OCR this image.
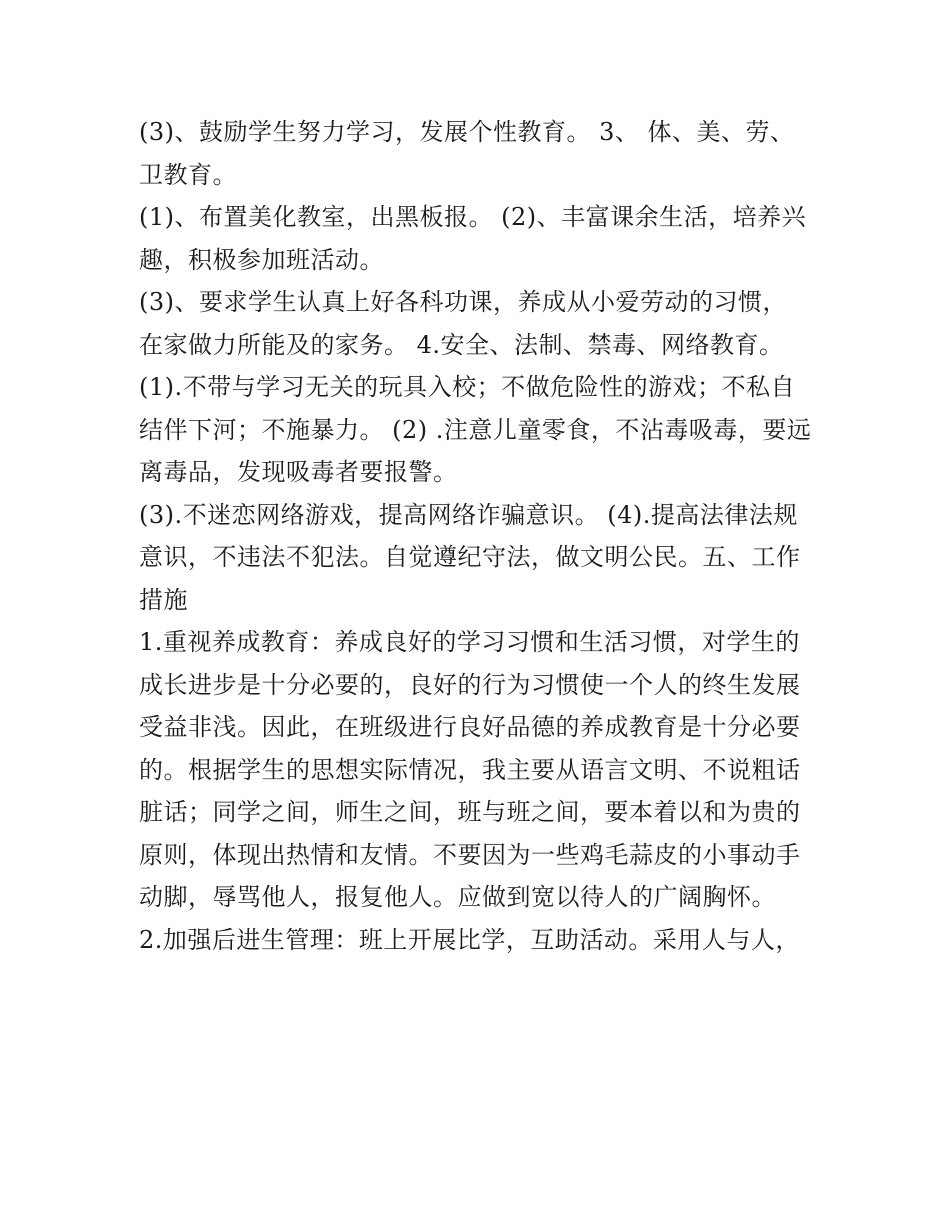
(3)、鼓励学生努力学习，发展个性教育。 3、 体、美、劳、
卫教育。
(1)、布置美化教室，出黑板报。 (2)、丰富课余生活，培养兴
趣，积极参加班活动。
(3)、要求学生认真上好各科功课，养成从小爱劳动的习惯，
在家做力所能及的家务。 4.安全、法制、禁毒、网络教育。
(1).不带与学习无关的玩具入校；不做危险性的游戏；不私自
结伴下河；不施暴力。 (2) .注意儿童零食，不沾毒吸毒，要远
离毒品，发现吸毒者要报警。
(3).不迷恋网络游戏，提高网络诈骗意识。 (4).提高法律法规
意识，不违法不犯法。自觉遵纪守法，做文明公民。五、工作
措施
1.重视养成教育：养成良好的学习习惯和生活习惯，对学生的
成长进步是十分必要的，良好的行为习惯使一个人的终生发展
受益非浅。因此，在班级进行良好品德的养成教育是十分必要
的。根据学生的思想实际情况，我主要从语言文明、不说粗话
脏话；同学之间，师生之间，班与班之间，要本着以和为贵的
原则，体现出热情和友情。不要因为一些鸡毛蒜皮的小事动手
动脚，辱骂他人，报复他人。应做到宽以待人的广阔胸怀。
2.加强后进生管理：班上开展比学，互助活动。采用人与人，
